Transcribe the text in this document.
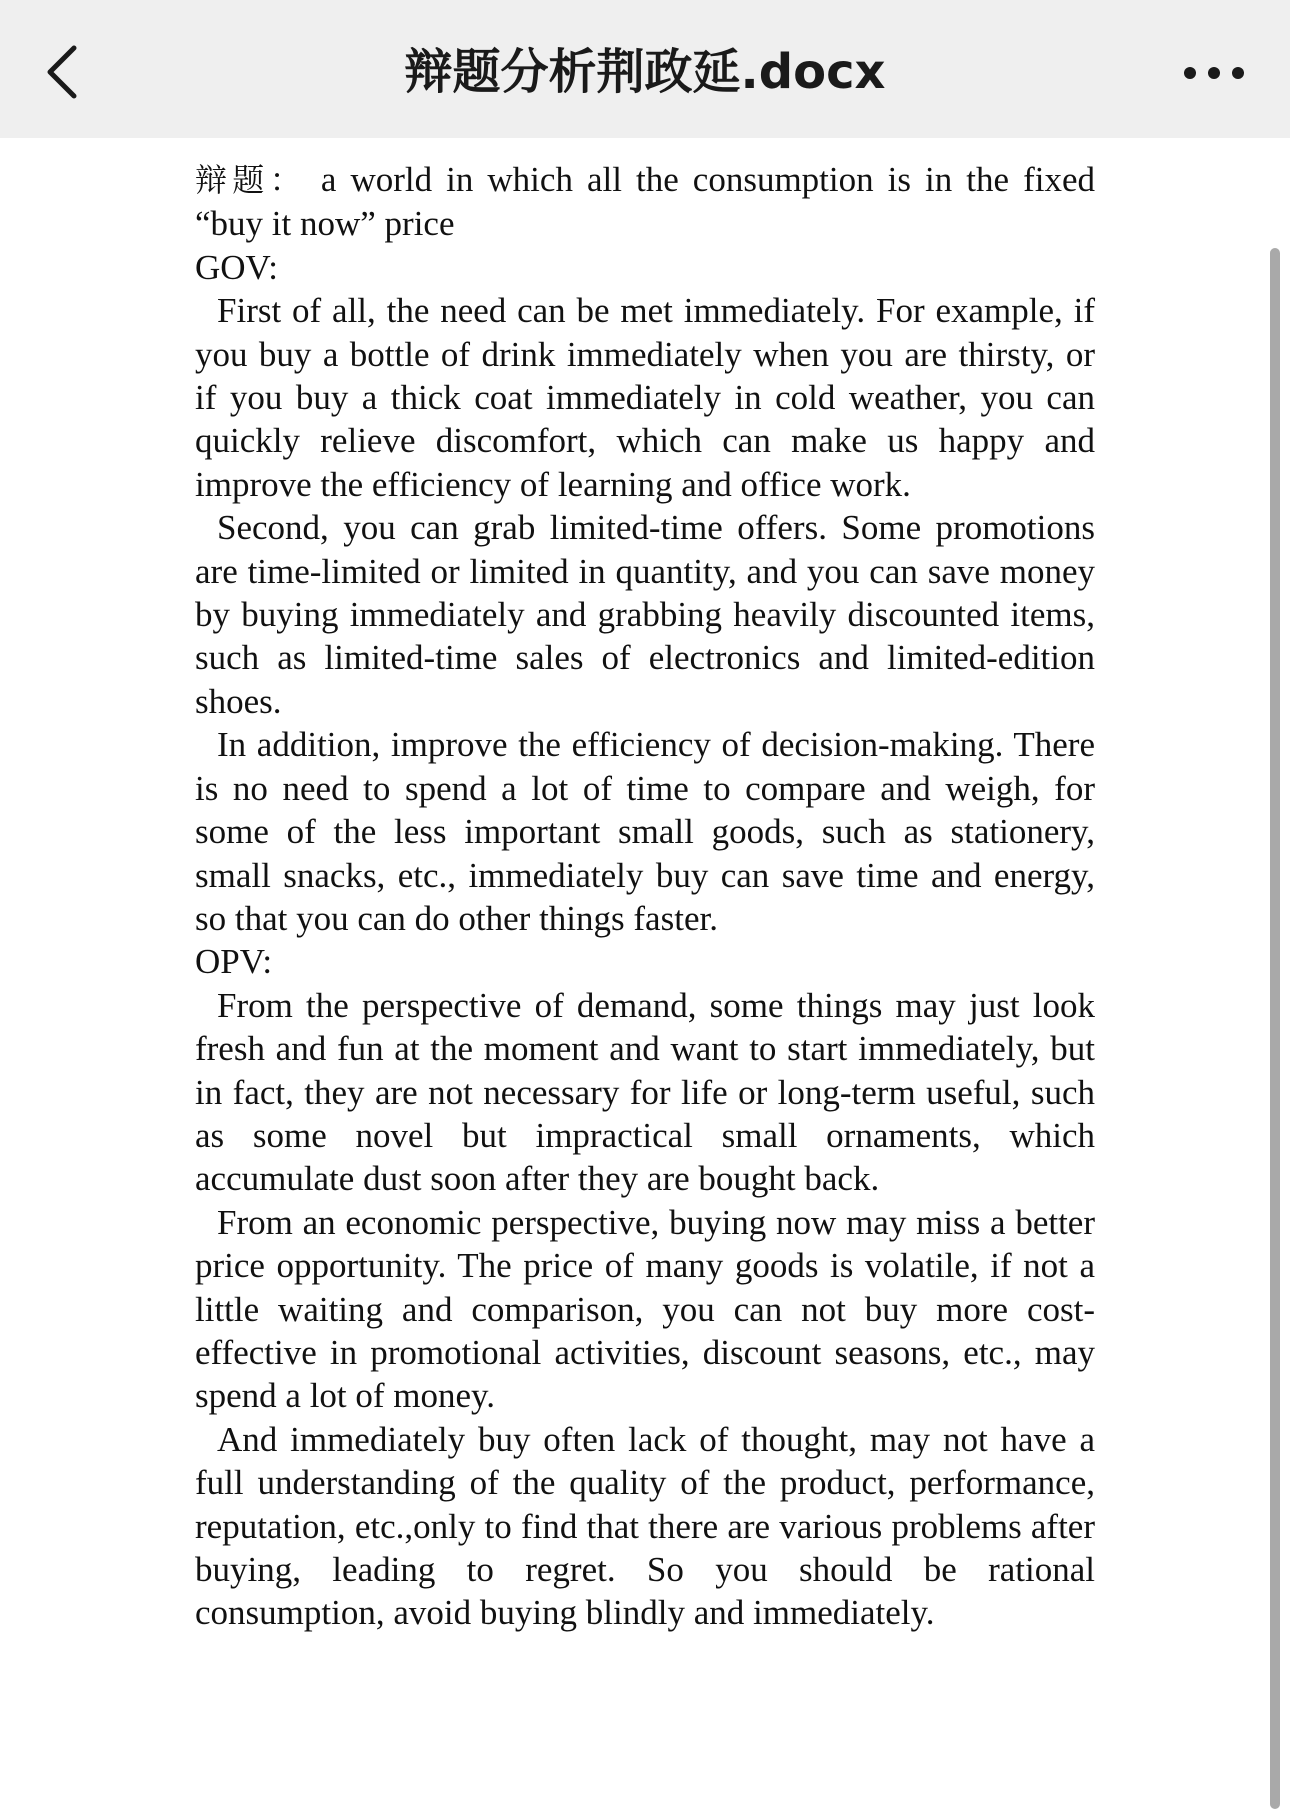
辩题分析荆政延.docx

辩题： a world in which all the consumption is in the fixed “buy it now” price

GOV:

First of all, the need can be met immediately. For example, if you buy a bottle of drink immediately when you are thirsty, or if you buy a thick coat immediately in cold weather, you can quickly relieve discomfort, which can make us happy and improve the efficiency of learning and office work.

Second, you can grab limited-time offers. Some promotions are time-limited or limited in quantity, and you can save money by buying immediately and grabbing heavily discounted items, such as limited-time sales of electronics and limited-edition shoes.

In addition, improve the efficiency of decision-making. There is no need to spend a lot of time to compare and weigh, for some of the less important small goods, such as stationery, small snacks, etc., immediately buy can save time and energy, so that you can do other things faster.

OPV:

From the perspective of demand, some things may just look fresh and fun at the moment and want to start immediately, but in fact, they are not necessary for life or long-term useful, such as some novel but impractical small ornaments, which accumulate dust soon after they are bought back.

From an economic perspective, buying now may miss a better price opportunity. The price of many goods is volatile, if not a little waiting and comparison, you can not buy more cost-effective in promotional activities, discount seasons, etc., may spend a lot of money.

And immediately buy often lack of thought, may not have a full understanding of the quality of the product, performance, reputation, etc.,only to find that there are various problems after buying, leading to regret. So you should be rational consumption, avoid buying blindly and immediately.
